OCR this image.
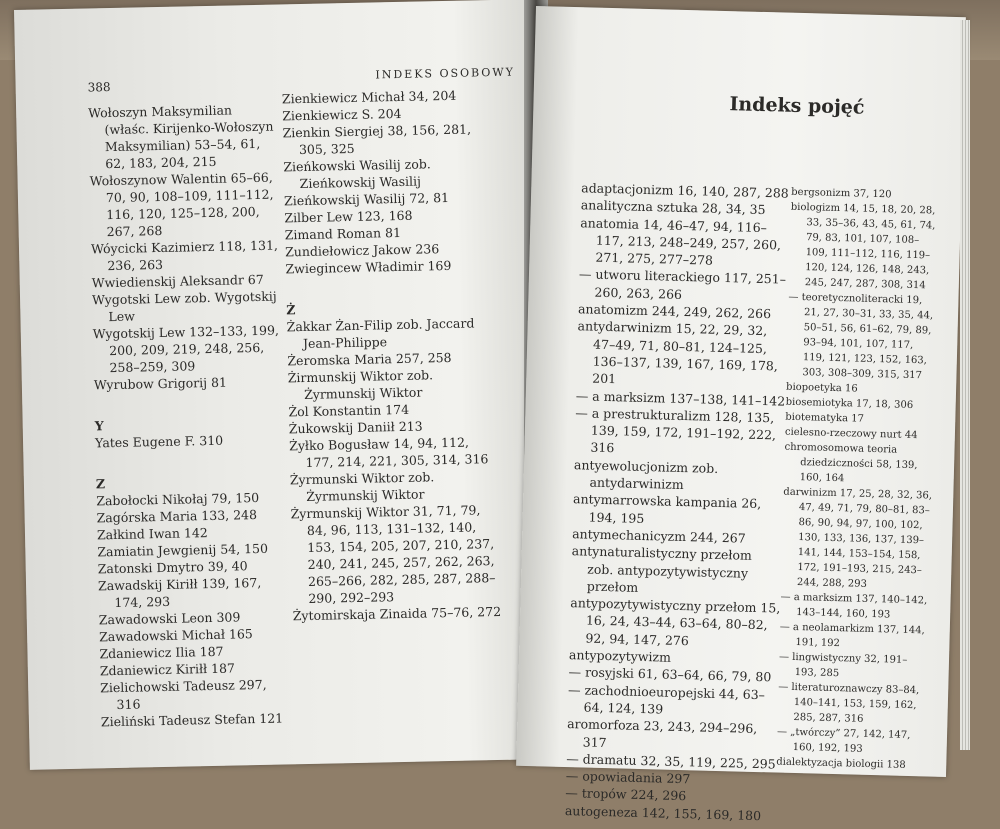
388
INDEKS OSOBOWY
Wołoszyn Maksymilian (właśc. Kirijenko-Wołoszyn Maksymilian) 53–54, 61, 62, 183, 204, 215
Wołoszynow Walentin 65–66, 70, 90, 108–109, 111–112, 116, 120, 125–128, 200, 267, 268
Wóycicki Kazimierz 118, 131, 236, 263
Wwiedienskij Aleksandr 67
Wygotski Lew zob. Wygotskij Lew
Wygotskij Lew 132–133, 199, 200, 209, 219, 248, 256, 258–259, 309
Wyrubow Grigorij 81
Y
Yates Eugene F. 310
Z
Zabołocki Nikołaj 79, 150
Zagórska Maria 133, 248
Załkind Iwan 142
Zamiatin Jewgienij 54, 150
Zatonski Dmytro 39, 40
Zawadskij Kiriłł 139, 167, 174, 293
Zawadowski Leon 309
Zawadowski Michał 165
Zdaniewicz Ilia 187
Zdaniewicz Kiriłł 187
Zielichowski Tadeusz 297, 316
Zieliński Tadeusz Stefan 121
Zienkiewicz Michał 34, 204
Zienkiewicz S. 204
Zienkin Siergiej 38, 156, 281, 305, 325
Zieńkowski Wasilij zob. Zieńkowskij Wasilij
Zieńkowskij Wasilij 72, 81
Zilber Lew 123, 168
Zimand Roman 81
Zundiełowicz Jakow 236
Zwiegincew Władimir 169
Ż
Żakkar Żan-Filip zob. Jaccard Jean-Philippe
Żeromska Maria 257, 258
Żirmunskij Wiktor zob. Żyrmunskij Wiktor
Żol Konstantin 174
Żukowskij Daniił 213
Żyłko Bogusław 14, 94, 112, 177, 214, 221, 305, 314, 316
Żyrmunski Wiktor zob. Żyrmunskij Wiktor
Żyrmunskij Wiktor 31, 71, 79, 84, 96, 113, 131–132, 140, 153, 154, 205, 207, 210, 237, 240, 241, 245, 257, 262, 263, 265–266, 282, 285, 287, 288–290, 292–293
Żytomirskaja Zinaida 75–76, 272
Indeks pojęć
adaptacjonizm 16, 140, 287, 288
analityczna sztuka 28, 34, 35
anatomia 14, 46–47, 94, 116–117, 213, 248–249, 257, 260, 271, 275, 277–278
— utworu literackiego 117, 251–260, 263, 266
anatomizm 244, 249, 262, 266
antydarwinizm 15, 22, 29, 32, 47–49, 71, 80–81, 124–125, 136–137, 139, 167, 169, 178, 201
— a marksizm 137–138, 141–142
— a prestrukturalizm 128, 135, 139, 159, 172, 191–192, 222, 316
antyewolucjonizm zob. antydarwinizm
antymarrowska kampania 26, 194, 195
antymechanicyzm 244, 267
antynaturalistyczny przełom zob. antypozytywistyczny przełom
antypozytywistyczny przełom 15, 16, 24, 43–44, 63–64, 80–82, 92, 94, 147, 276
antypozytywizm
— rosyjski 61, 63–64, 66, 79, 80
— zachodnioeuropejski 44, 63–64, 124, 139
aromorfoza 23, 243, 294–296, 317
— dramatu 32, 35, 119, 225, 295
— opowiadania 297
— tropów 224, 296
autogeneza 142, 155, 169, 180
bergsonizm 37, 120
biologizm 14, 15, 18, 20, 28, 33, 35–36, 43, 45, 61, 74, 79, 83, 101, 107, 108–109, 111–112, 116, 119–120, 124, 126, 148, 243, 245, 247, 287, 308, 314
— teoretycznoliteracki 19, 21, 27, 30–31, 33, 35, 44, 50–51, 56, 61–62, 79, 89, 93–94, 101, 107, 117, 119, 121, 123, 152, 163, 303, 308–309, 315, 317
biopoetyka 16
biosemiotyka 17, 18, 306
biotematyka 17
cielesno-rzeczowy nurt 44
chromosomowa teoria dziedziczności 58, 139, 160, 164
darwinizm 17, 25, 28, 32, 36, 47, 49, 71, 79, 80–81, 83–86, 90, 94, 97, 100, 102, 130, 133, 136, 137, 139–141, 144, 153–154, 158, 172, 191–193, 215, 243–244, 288, 293
— a marksizm 137, 140–142, 143–144, 160, 193
— a neolamarkizm 137, 144, 191, 192
— lingwistyczny 32, 191–193, 285
— literaturoznawczy 83–84, 140–141, 153, 159, 162, 285, 287, 316
— „twórczy” 27, 142, 147, 160, 192, 193
dialektyzacja biologii 138
